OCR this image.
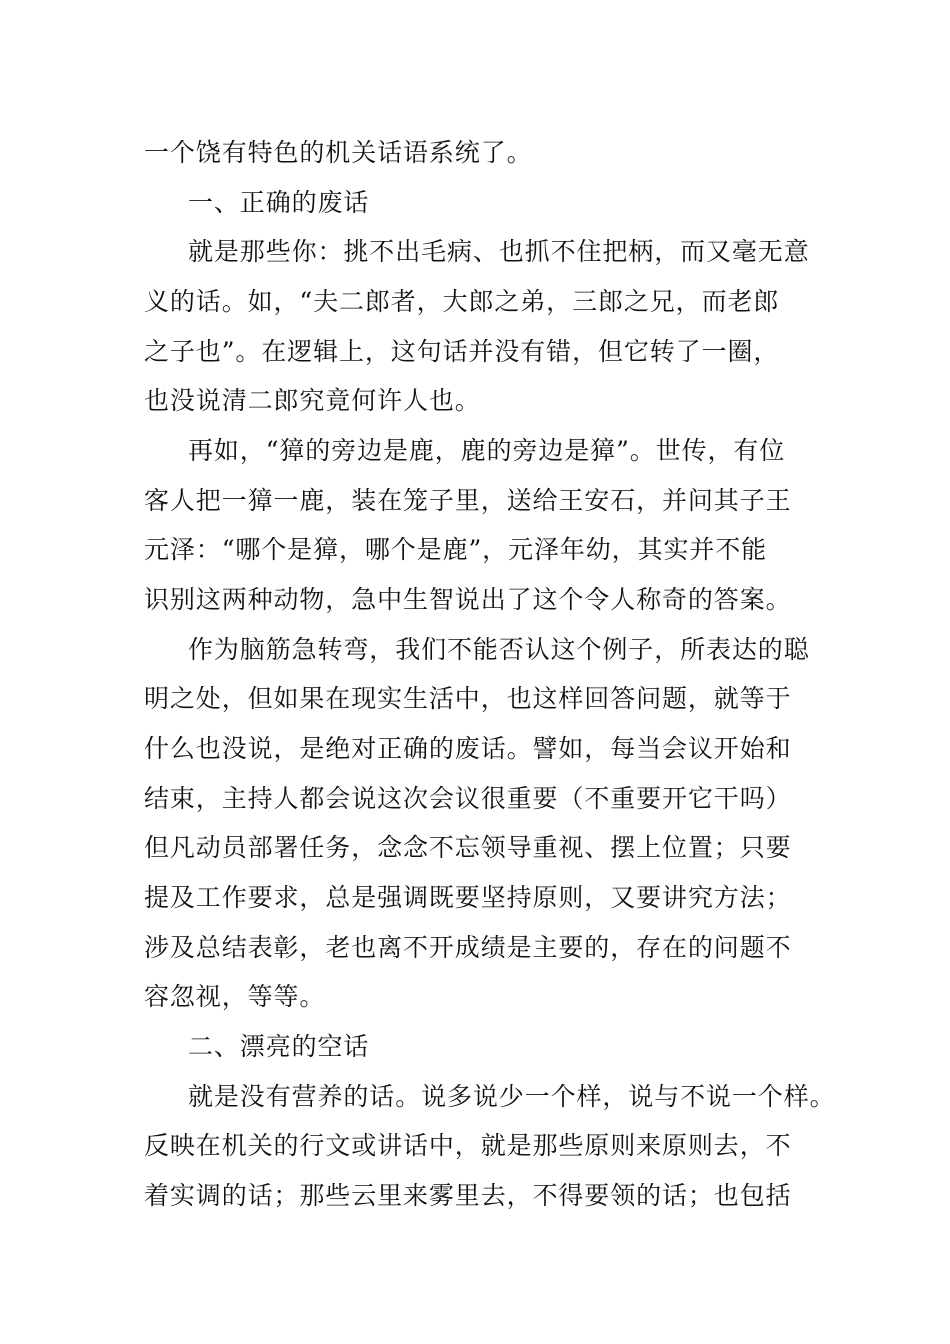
一个饶有特色的机关话语系统了。
一、正确的废话
就是那些你：挑不出毛病、也抓不住把柄，而又毫无意
义的话。如，“夫二郎者，大郎之弟，三郎之兄，而老郎
之子也”。在逻辑上，这句话并没有错，但它转了一圈，
也没说清二郎究竟何许人也。
再如，“獐的旁边是鹿，鹿的旁边是獐”。世传，有位
客人把一獐一鹿，装在笼子里，送给王安石，并问其子王
元泽：“哪个是獐，哪个是鹿”，元泽年幼，其实并不能
识别这两种动物，急中生智说出了这个令人称奇的答案。
作为脑筋急转弯，我们不能否认这个例子，所表达的聪
明之处，但如果在现实生活中，也这样回答问题，就等于
什么也没说，是绝对正确的废话。譬如，每当会议开始和
结束，主持人都会说这次会议很重要（不重要开它干吗）
但凡动员部署任务，念念不忘领导重视、摆上位置；只要
提及工作要求，总是强调既要坚持原则，又要讲究方法；
涉及总结表彰，老也离不开成绩是主要的，存在的问题不
容忽视，等等。
二、漂亮的空话
就是没有营养的话。说多说少一个样，说与不说一个样。
反映在机关的行文或讲话中，就是那些原则来原则去，不
着实调的话；那些云里来雾里去，不得要领的话；也包括
